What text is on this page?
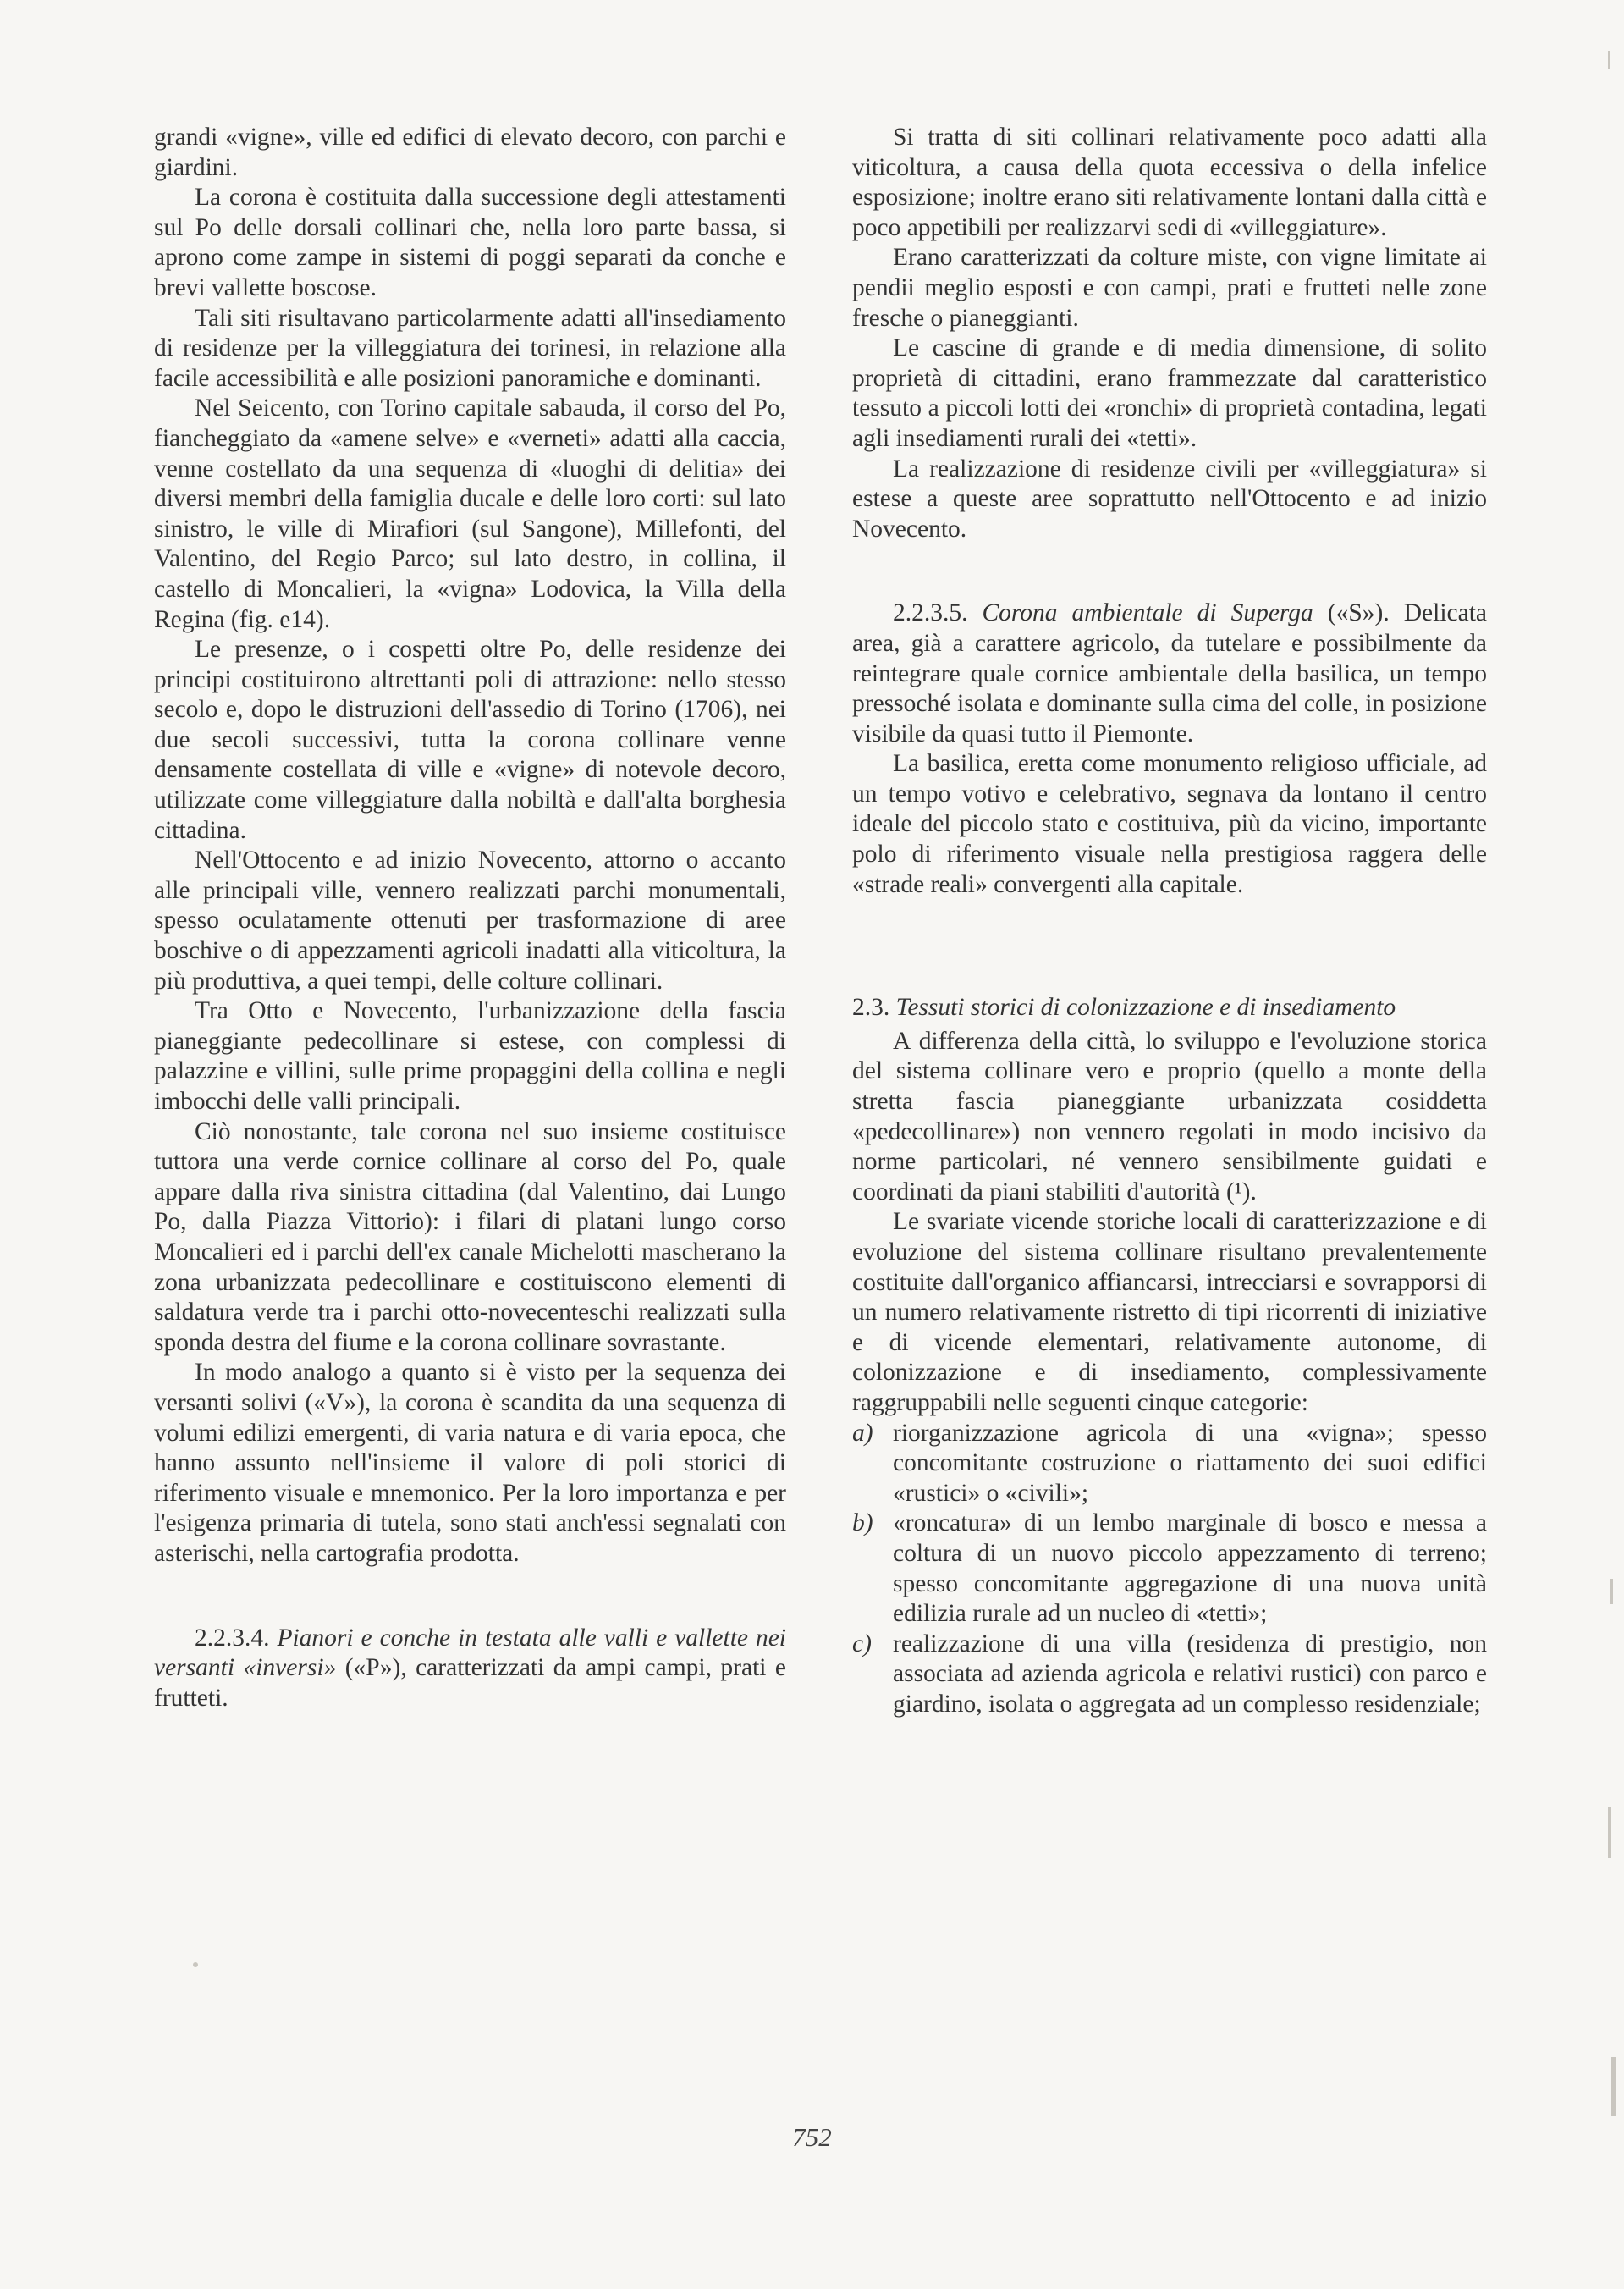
grandi «vigne», ville ed edifici di elevato decoro, con parchi e giardini.

La corona è costituita dalla successione degli attestamenti sul Po delle dorsali collinari che, nella loro parte bassa, si aprono come zampe in sistemi di poggi separati da conche e brevi vallette boscose.

Tali siti risultavano particolarmente adatti all'insediamento di residenze per la villeggiatura dei torinesi, in relazione alla facile accessibilità e alle posizioni panoramiche e dominanti.

Nel Seicento, con Torino capitale sabauda, il corso del Po, fiancheggiato da «amene selve» e «verneti» adatti alla caccia, venne costellato da una sequenza di «luoghi di delitia» dei diversi membri della famiglia ducale e delle loro corti: sul lato sinistro, le ville di Mirafiori (sul Sangone), Millefonti, del Valentino, del Regio Parco; sul lato destro, in collina, il castello di Moncalieri, la «vigna» Lodovica, la Villa della Regina (fig. e14).

Le presenze, o i cospetti oltre Po, delle residenze dei principi costituirono altrettanti poli di attrazione: nello stesso secolo e, dopo le distruzioni dell'assedio di Torino (1706), nei due secoli successivi, tutta la corona collinare venne densamente costellata di ville e «vigne» di notevole decoro, utilizzate come villeggiature dalla nobiltà e dall'alta borghesia cittadina.

Nell'Ottocento e ad inizio Novecento, attorno o accanto alle principali ville, vennero realizzati parchi monumentali, spesso oculatamente ottenuti per trasformazione di aree boschive o di appezzamenti agricoli inadatti alla viticoltura, la più produttiva, a quei tempi, delle colture collinari.

Tra Otto e Novecento, l'urbanizzazione della fascia pianeggiante pedecollinare si estese, con complessi di palazzine e villini, sulle prime propaggini della collina e negli imbocchi delle valli principali.

Ciò nonostante, tale corona nel suo insieme costituisce tuttora una verde cornice collinare al corso del Po, quale appare dalla riva sinistra cittadina (dal Valentino, dai Lungo Po, dalla Piazza Vittorio): i filari di platani lungo corso Moncalieri ed i parchi dell'ex canale Michelotti mascherano la zona urbanizzata pedecollinare e costituiscono elementi di saldatura verde tra i parchi otto-novecenteschi realizzati sulla sponda destra del fiume e la corona collinare sovrastante.

In modo analogo a quanto si è visto per la sequenza dei versanti solivi («V»), la corona è scandita da una sequenza di volumi edilizi emergenti, di varia natura e di varia epoca, che hanno assunto nell'insieme il valore di poli storici di riferimento visuale e mnemonico. Per la loro importanza e per l'esigenza primaria di tutela, sono stati anch'essi segnalati con asterischi, nella cartografia prodotta.

2.2.3.4. Pianori e conche in testata alle valli e vallette nei versanti «inversi» («P»), caratterizzati da ampi campi, prati e frutteti.

Si tratta di siti collinari relativamente poco adatti alla viticoltura, a causa della quota eccessiva o della infelice esposizione; inoltre erano siti relativamente lontani dalla città e poco appetibili per realizzarvi sedi di «villeggiature».

Erano caratterizzati da colture miste, con vigne limitate ai pendii meglio esposti e con campi, prati e frutteti nelle zone fresche o pianeggianti.

Le cascine di grande e di media dimensione, di solito proprietà di cittadini, erano frammezzate dal caratteristico tessuto a piccoli lotti dei «ronchi» di proprietà contadina, legati agli insediamenti rurali dei «tetti».

La realizzazione di residenze civili per «villeggiatura» si estese a queste aree soprattutto nell'Ottocento e ad inizio Novecento.

2.2.3.5. Corona ambientale di Superga («S»). Delicata area, già a carattere agricolo, da tutelare e possibilmente da reintegrare quale cornice ambientale della basilica, un tempo pressoché isolata e dominante sulla cima del colle, in posizione visibile da quasi tutto il Piemonte.

La basilica, eretta come monumento religioso ufficiale, ad un tempo votivo e celebrativo, segnava da lontano il centro ideale del piccolo stato e costituiva, più da vicino, importante polo di riferimento visuale nella prestigiosa raggera delle «strade reali» convergenti alla capitale.

2.3. Tessuti storici di colonizzazione e di insediamento

A differenza della città, lo sviluppo e l'evoluzione storica del sistema collinare vero e proprio (quello a monte della stretta fascia pianeggiante urbanizzata cosiddetta «pedecollinare») non vennero regolati in modo incisivo da norme particolari, né vennero sensibilmente guidati e coordinati da piani stabiliti d'autorità (¹).

Le svariate vicende storiche locali di caratterizzazione e di evoluzione del sistema collinare risultano prevalentemente costituite dall'organico affiancarsi, intrecciarsi e sovrapporsi di un numero relativamente ristretto di tipi ricorrenti di iniziative e di vicende elementari, relativamente autonome, di colonizzazione e di insediamento, complessivamente raggruppabili nelle seguenti cinque categorie:

a) riorganizzazione agricola di una «vigna»; spesso concomitante costruzione o riattamento dei suoi edifici «rustici» o «civili»;
b) «roncatura» di un lembo marginale di bosco e messa a coltura di un nuovo piccolo appezzamento di terreno; spesso concomitante aggregazione di una nuova unità edilizia rurale ad un nucleo di «tetti»;
c) realizzazione di una villa (residenza di prestigio, non associata ad azienda agricola e relativi rustici) con parco e giardino, isolata o aggregata ad un complesso residenziale;
752
